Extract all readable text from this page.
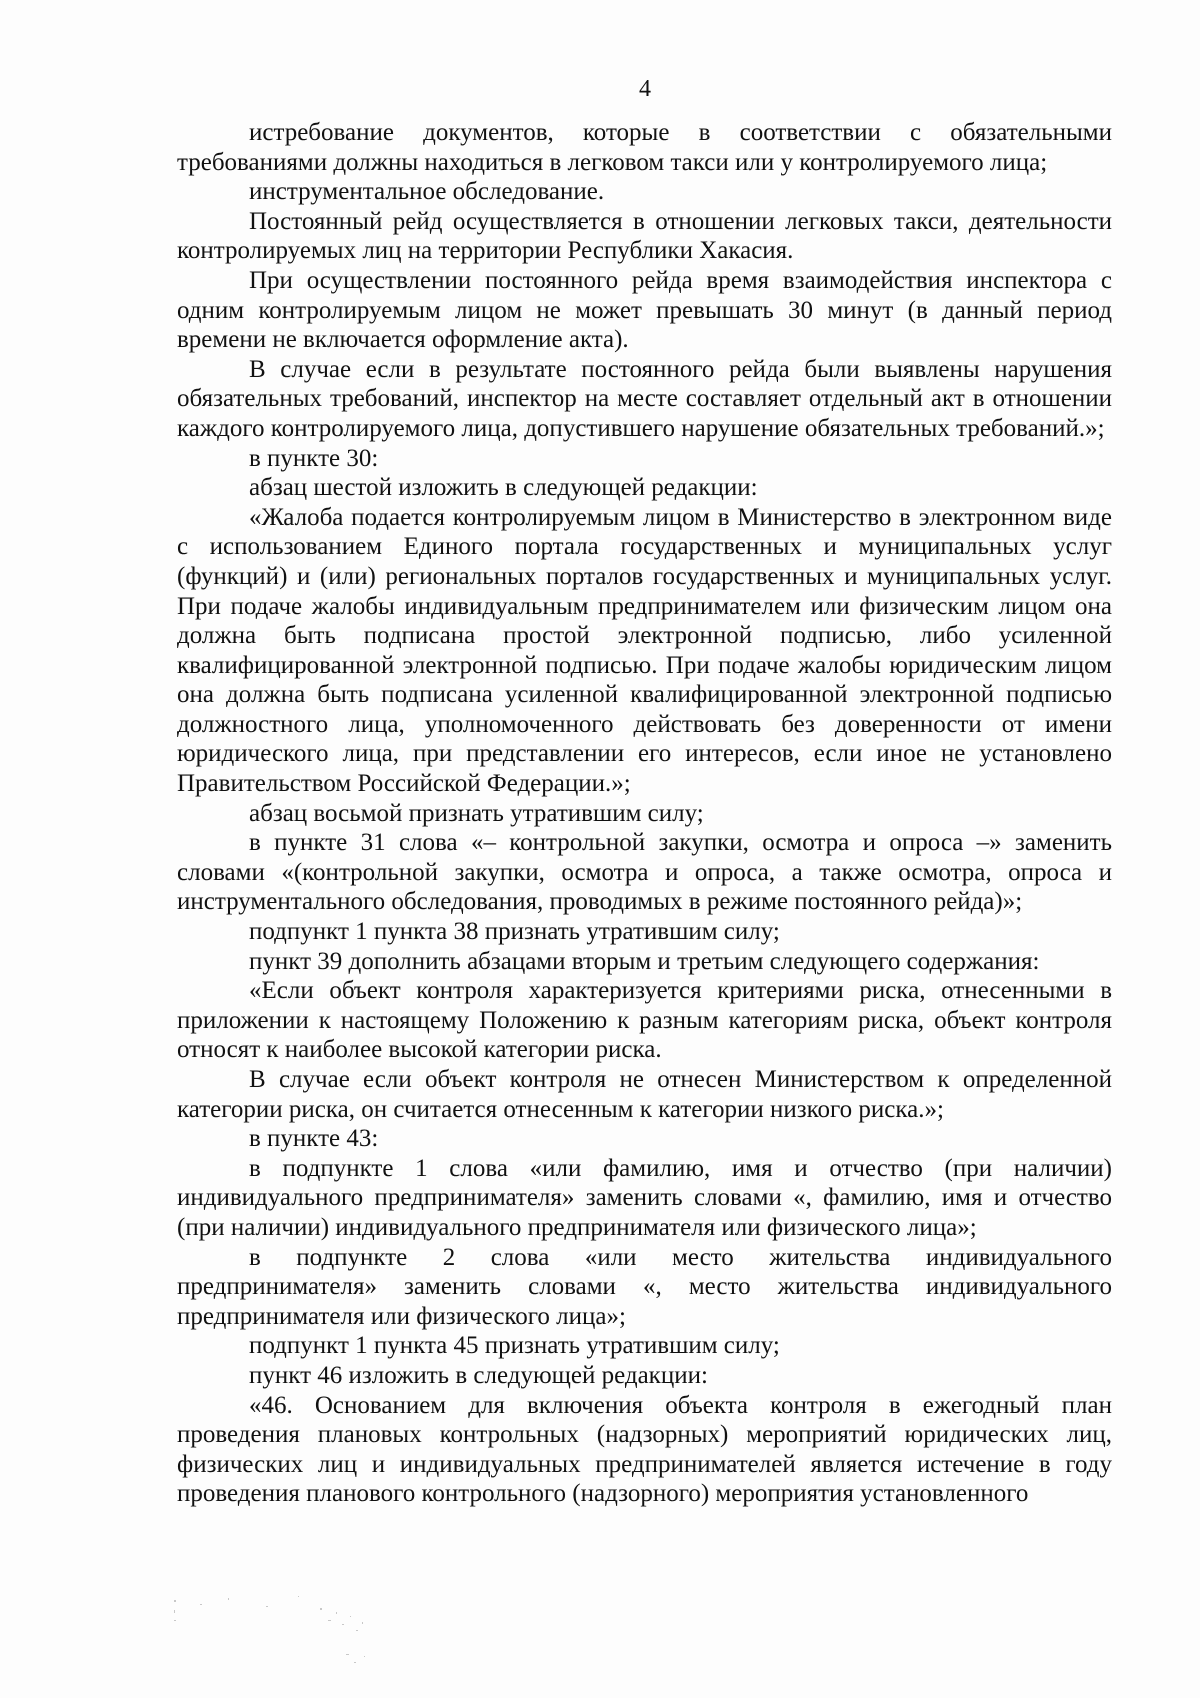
4

истребование документов, которые в соответствии с обязательными требованиями должны находиться в легковом такси или у контролируемого лица;

инструментальное обследование.

Постоянный рейд осуществляется в отношении легковых такси, деятельности контролируемых лиц на территории Республики Хакасия.

При осуществлении постоянного рейда время взаимодействия инспектора с одним контролируемым лицом не может превышать 30 минут (в данный период времени не включается оформление акта).

В случае если в результате постоянного рейда были выявлены нарушения обязательных требований, инспектор на месте составляет отдельный акт в отношении каждого контролируемого лица, допустившего нарушение обязательных требований.»;

в пункте 30:

абзац шестой изложить в следующей редакции:

«Жалоба подается контролируемым лицом в Министерство в электронном виде с использованием Единого портала государственных и муниципальных услуг (функций) и (или) региональных порталов государственных и муниципальных услуг. При подаче жалобы индивидуальным предпринимателем или физическим лицом она должна быть подписана простой электронной подписью, либо усиленной квалифицированной электронной подписью. При подаче жалобы юридическим лицом она должна быть подписана усиленной квалифицированной электронной подписью должностного лица, уполномоченного действовать без доверенности от имени юридического лица, при представлении его интересов, если иное не установлено Правительством Российской Федерации.»;

абзац восьмой признать утратившим силу;

в пункте 31 слова «– контрольной закупки, осмотра и опроса –» заменить словами «(контрольной закупки, осмотра и опроса, а также осмотра, опроса и инструментального обследования, проводимых в режиме постоянного рейда)»;

подпункт 1 пункта 38 признать утратившим силу;

пункт 39 дополнить абзацами вторым и третьим следующего содержания:

«Если объект контроля характеризуется критериями риска, отнесенными в приложении к настоящему Положению к разным категориям риска, объект контроля относят к наиболее высокой категории риска.

В случае если объект контроля не отнесен Министерством к определенной категории риска, он считается отнесенным к категории низкого риска.»;

в пункте 43:

в подпункте 1 слова «или фамилию, имя и отчество (при наличии) индивидуального предпринимателя» заменить словами «, фамилию, имя и отчество (при наличии) индивидуального предпринимателя или физического лица»;

в подпункте 2 слова «или место жительства индивидуального предпринимателя» заменить словами «, место жительства индивидуального предпринимателя или физического лица»;

подпункт 1 пункта 45 признать утратившим силу;

пункт 46 изложить в следующей редакции:

«46. Основанием для включения объекта контроля в ежегодный план проведения плановых контрольных (надзорных) мероприятий юридических лиц, физических лиц и индивидуальных предпринимателей является истечение в году проведения планового контрольного (надзорного) мероприятия установленного
